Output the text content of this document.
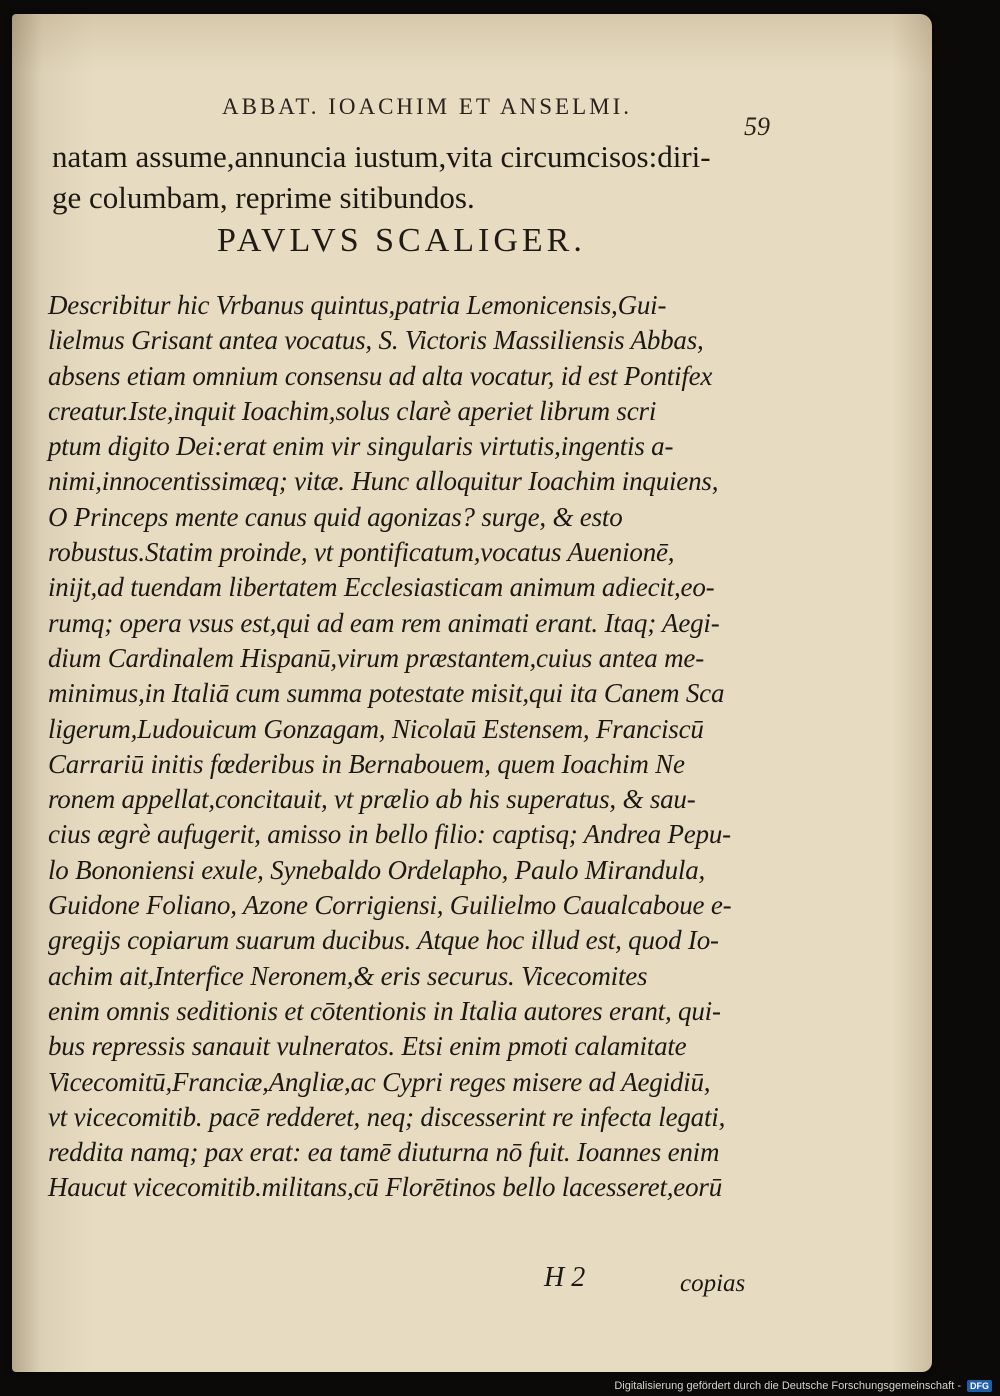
ABBAT. IOACHIM ET ANSELMI.
59
natam assume,annuncia iustum,vita circumcisos:diri-
ge columbam, reprime sitibundos.
PAVLVS SCALIGER.
Describitur hic Vrbanus quintus,patria Lemonicensis,Gui-
lielmus Grisant antea vocatus, S. Victoris Massiliensis Abbas,
absens etiam omnium consensu ad alta vocatur, id est Pontifex
creatur.Iste,inquit Ioachim,solus clarè aperiet librum scri
ptum digito Dei:erat enim vir singularis virtutis,ingentis a-
nimi,innocentissimæq; vitæ. Hunc alloquitur Ioachim inquiens,
O Princeps mente canus quid agonizas? surge, & esto
robustus.Statim proinde, vt pontificatum,vocatus Auenionē,
inijt,ad tuendam libertatem Ecclesiasticam animum adiecit,eo-
rumq; opera vsus est,qui ad eam rem animati erant. Itaq; Aegi-
dium Cardinalem Hispanū,virum præstantem,cuius antea me-
minimus,in Italiā cum summa potestate misit,qui ita Canem Sca
ligerum,Ludouicum Gonzagam, Nicolaū Estensem, Franciscū
Carrariū initis fœderibus in Bernabouem, quem Ioachim Ne
ronem appellat,concitauit, vt prælio ab his superatus, & sau-
cius ægrè aufugerit, amisso in bello filio: captisq; Andrea Pepu-
lo Bononiensi exule, Synebaldo Ordelapho, Paulo Mirandula,
Guidone Foliano, Azone Corrigiensi, Guilielmo Caualcaboue e-
gregijs copiarum suarum ducibus. Atque hoc illud est, quod Io-
achim ait,Interfice Neronem,& eris securus. Vicecomites
enim omnis seditionis et cōtentionis in Italia autores erant, qui-
bus repressis sanauit vulneratos. Etsi enim pmoti calamitate
Vicecomitū,Franciæ,Angliæ,ac Cypri reges misere ad Aegidiū,
vt vicecomitib. pacē redderet, neq; discesserint re infecta legati,
reddita namq; pax erat: ea tamē diuturna nō fuit. Ioannes enim
Haucut vicecomitib.militans,cū Florētinos bello lacesseret,eorū
H 2	copias
Digitalisierung gefördert durch die Deutsche Forschungsgemeinschaft -	DFG
